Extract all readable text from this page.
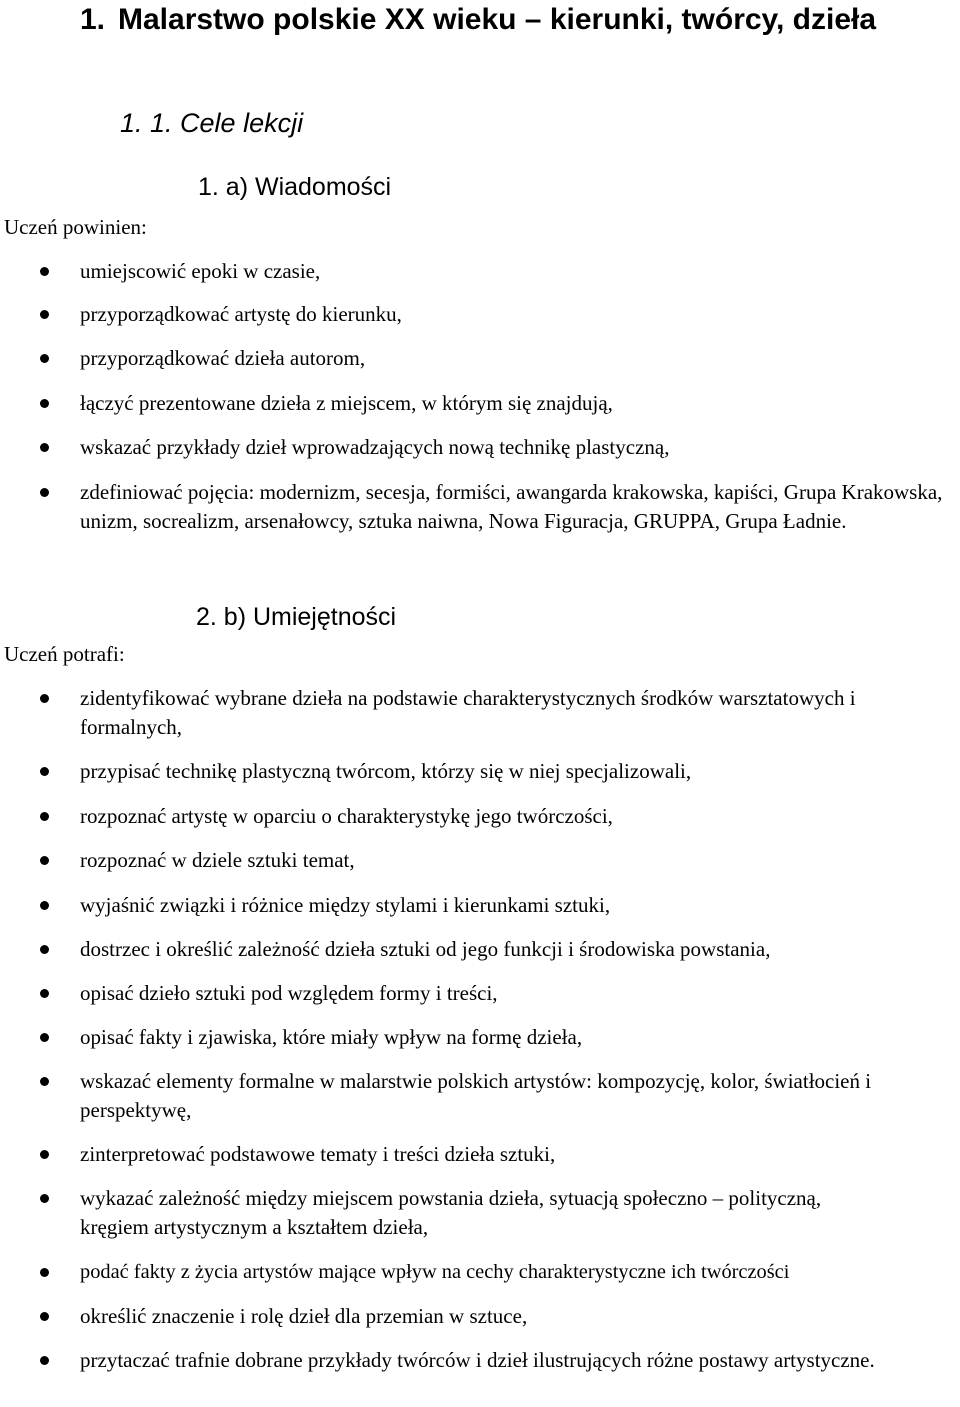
1. Malarstwo polskie XX wieku – kierunki, twórcy, dzieła
1. 1. Cele lekcji
1. a) Wiadomości
Uczeń powinien:
umiejscowić epoki w czasie,
przyporządkować artystę do kierunku,
przyporządkować dzieła autorom,
łączyć prezentowane dzieła z miejscem, w którym się znajdują,
wskazać przykłady dzieł wprowadzających nową technikę plastyczną,
zdefiniować pojęcia: modernizm, secesja, formiści, awangarda krakowska, kapiści, Grupa Krakowska, unizm, socrealizm, arsenałowcy, sztuka naiwna, Nowa Figuracja, GRUPPA, Grupa Ładnie.
2. b) Umiejętności
Uczeń potrafi:
zidentyfikować wybrane dzieła na podstawie charakterystycznych środków warsztatowych i formalnych,
przypisać technikę plastyczną twórcom, którzy się w niej specjalizowali,
rozpoznać artystę w oparciu o charakterystykę jego twórczości,
rozpoznać w dziele sztuki temat,
wyjaśnić związki i różnice między stylami i kierunkami sztuki,
dostrzec i określić zależność dzieła sztuki od jego funkcji i środowiska powstania,
opisać dzieło sztuki pod względem formy i treści,
opisać fakty i zjawiska, które miały wpływ na formę dzieła,
wskazać elementy formalne w malarstwie polskich artystów: kompozycję, kolor, światłocień i perspektywę,
zinterpretować podstawowe tematy i treści dzieła sztuki,
wykazać zależność między miejscem powstania dzieła, sytuacją społeczno – polityczną, kręgiem artystycznym a kształtem dzieła,
podać fakty z życia artystów mające wpływ na cechy charakterystyczne ich twórczości
określić znaczenie i rolę dzieł dla przemian w sztuce,
przytaczać trafnie dobrane przykłady twórców i dzieł ilustrujących różne postawy artystyczne.
